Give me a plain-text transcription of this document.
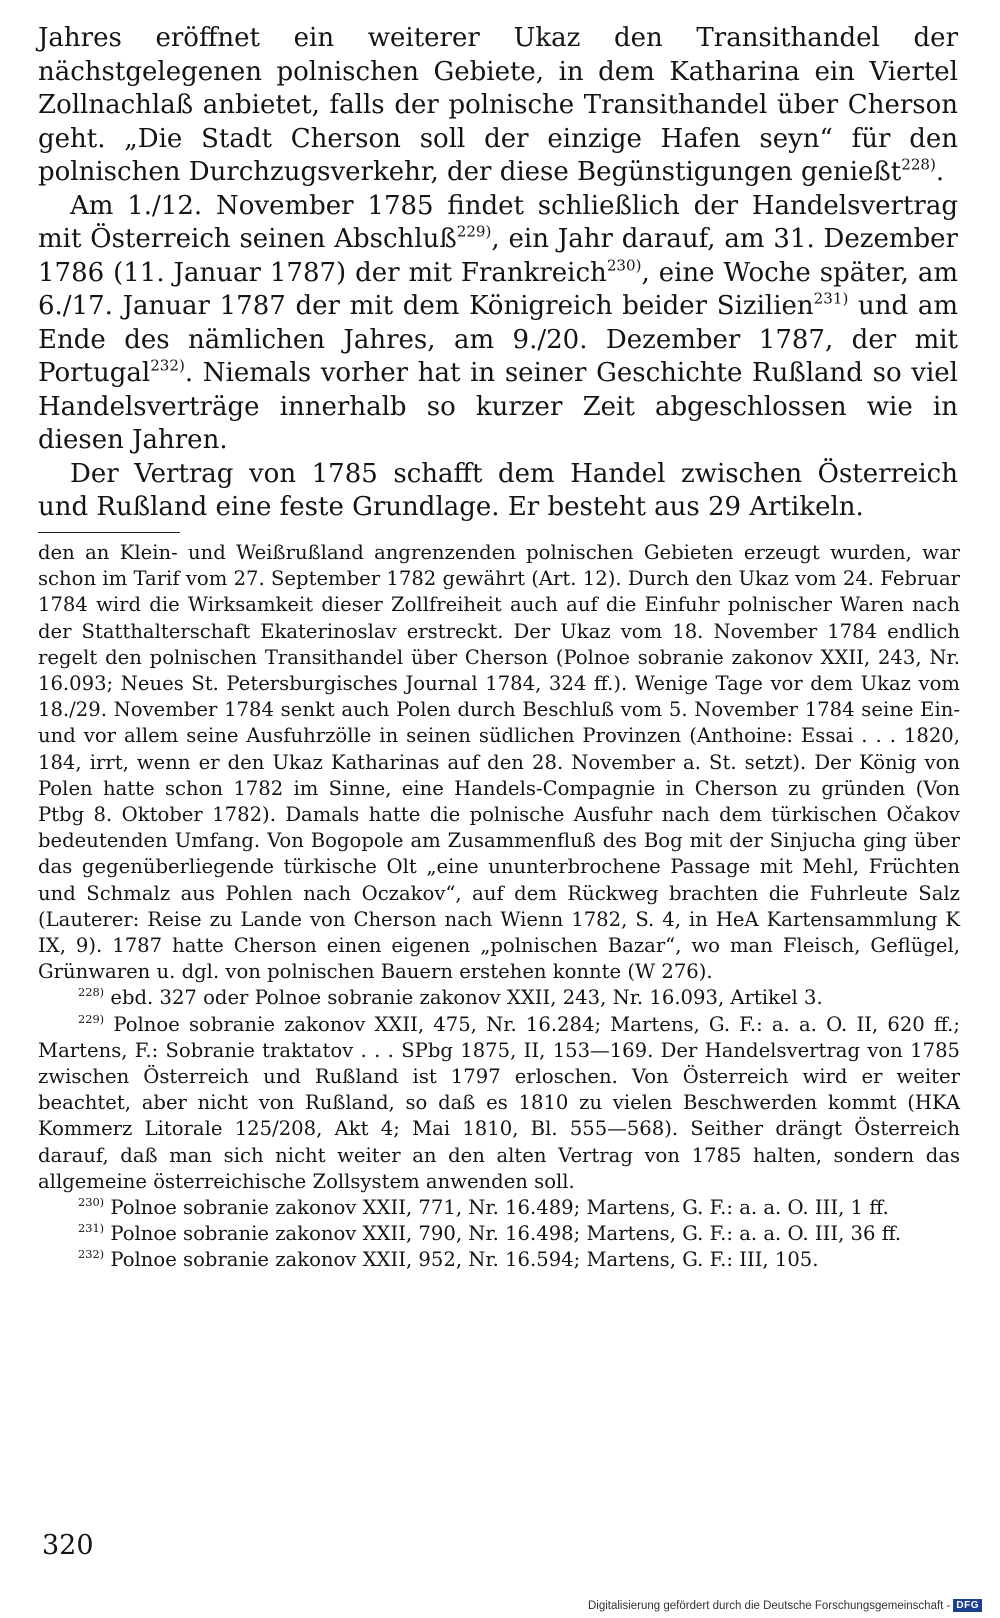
Jahres eröffnet ein weiterer Ukaz den Transithandel der nächstgelegenen polnischen Gebiete, in dem Katharina ein Viertel Zollnachlaß anbietet, falls der polnische Transithandel über Cherson geht. „Die Stadt Cherson soll der einzige Hafen seyn“ für den polnischen Durchzugsverkehr, der diese Begünstigungen genießt$^{228)}$.

Am 1./12. November 1785 findet schließlich der Handelsvertrag mit Österreich seinen Abschluß$^{229)}$, ein Jahr darauf, am 31. Dezember 1786 (11. Januar 1787) der mit Frankreich$^{230)}$, eine Woche später, am 6./17. Januar 1787 der mit dem Königreich beider Sizilien$^{231)}$ und am Ende des nämlichen Jahres, am 9./20. Dezember 1787, der mit Portugal$^{232)}$. Niemals vorher hat in seiner Geschichte Rußland so viel Handelsverträge innerhalb so kurzer Zeit abgeschlossen wie in diesen Jahren.

Der Vertrag von 1785 schafft dem Handel zwischen Österreich und Rußland eine feste Grundlage. Er besteht aus 29 Artikeln.

den an Klein- und Weißrußland angrenzenden polnischen Gebieten erzeugt wurden, war schon im Tarif vom 27. September 1782 gewährt (Art. 12). Durch den Ukaz vom 24. Februar 1784 wird die Wirksamkeit dieser Zollfreiheit auch auf die Einfuhr polnischer Waren nach der Statthalterschaft Ekaterinoslav erstreckt. Der Ukaz vom 18. November 1784 endlich regelt den polnischen Transithandel über Cherson (Polnoe sobranie zakonov XXII, 243, Nr. 16.093; Neues St. Petersburgisches Journal 1784, 324 ff.). Wenige Tage vor dem Ukaz vom 18./29. November 1784 senkt auch Polen durch Beschluß vom 5. November 1784 seine Ein- und vor allem seine Ausfuhrzölle in seinen südlichen Provinzen (Anthoine: Essai . . . 1820, 184, irrt, wenn er den Ukaz Katharinas auf den 28. November a. St. setzt). Der König von Polen hatte schon 1782 im Sinne, eine Handels-Compagnie in Cherson zu gründen (Von Ptbg 8. Oktober 1782). Damals hatte die polnische Ausfuhr nach dem türkischen Očakov bedeutenden Umfang. Von Bogopole am Zusammenfluß des Bog mit der Sinjucha ging über das gegenüberliegende türkische Olt „eine ununterbrochene Passage mit Mehl, Früchten und Schmalz aus Pohlen nach Oczakov“, auf dem Rückweg brachten die Fuhrleute Salz (Lauterer: Reise zu Lande von Cherson nach Wienn 1782, S. 4, in HeA Kartensammlung K IX, 9). 1787 hatte Cherson einen eigenen „polnischen Bazar“, wo man Fleisch, Geflügel, Grünwaren u. dgl. von polnischen Bauern erstehen konnte (W 276).

$^{228)}$ ebd. 327 oder Polnoe sobranie zakonov XXII, 243, Nr. 16.093, Artikel 3.

$^{229)}$ Polnoe sobranie zakonov XXII, 475, Nr. 16.284; Martens, G. F.: a. a. O. II, 620 ff.; Martens, F.: Sobranie traktatov . . . SPbg 1875, II, 153—169. Der Handelsvertrag von 1785 zwischen Österreich und Rußland ist 1797 erloschen. Von Österreich wird er weiter beachtet, aber nicht von Rußland, so daß es 1810 zu vielen Beschwerden kommt (HKA Kommerz Litorale 125/208, Akt 4; Mai 1810, Bl. 555—568). Seither drängt Österreich darauf, daß man sich nicht weiter an den alten Vertrag von 1785 halten, sondern das allgemeine österreichische Zollsystem anwenden soll.

$^{230)}$ Polnoe sobranie zakonov XXII, 771, Nr. 16.489; Martens, G. F.: a. a. O. III, 1 ff.

$^{231)}$ Polnoe sobranie zakonov XXII, 790, Nr. 16.498; Martens, G. F.: a. a. O. III, 36 ff.

$^{232)}$ Polnoe sobranie zakonov XXII, 952, Nr. 16.594; Martens, G. F.: III, 105.

320
Digitalisierung gefördert durch die Deutsche Forschungsgemeinschaft - DFG
